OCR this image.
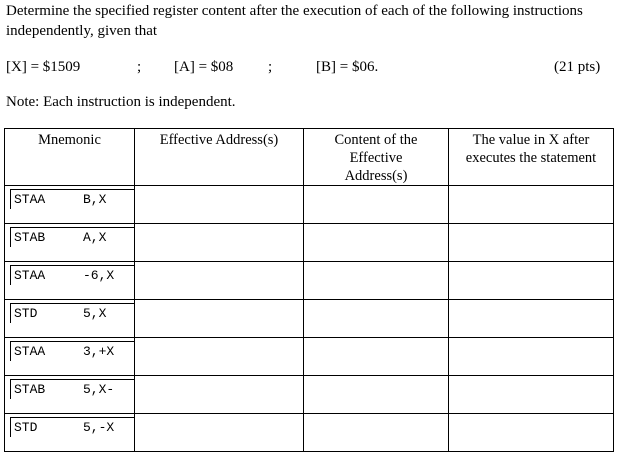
Determine the specified register content after the execution of each of the following instructions independently, given that
[X] = $1509	; [A] = $08 ;	[B] = $06.	(21 pts)
Note: Each instruction is independent.
Mnemonic	Effective Address(s)	Content of the Effective Address(s)	The value in X after executes the statement

STAA B,X			

STAB A,X			

STAA -6,X			

STD 5,X			

STAA 3,+X			

STAB 5,X-			

STD 5,-X			
